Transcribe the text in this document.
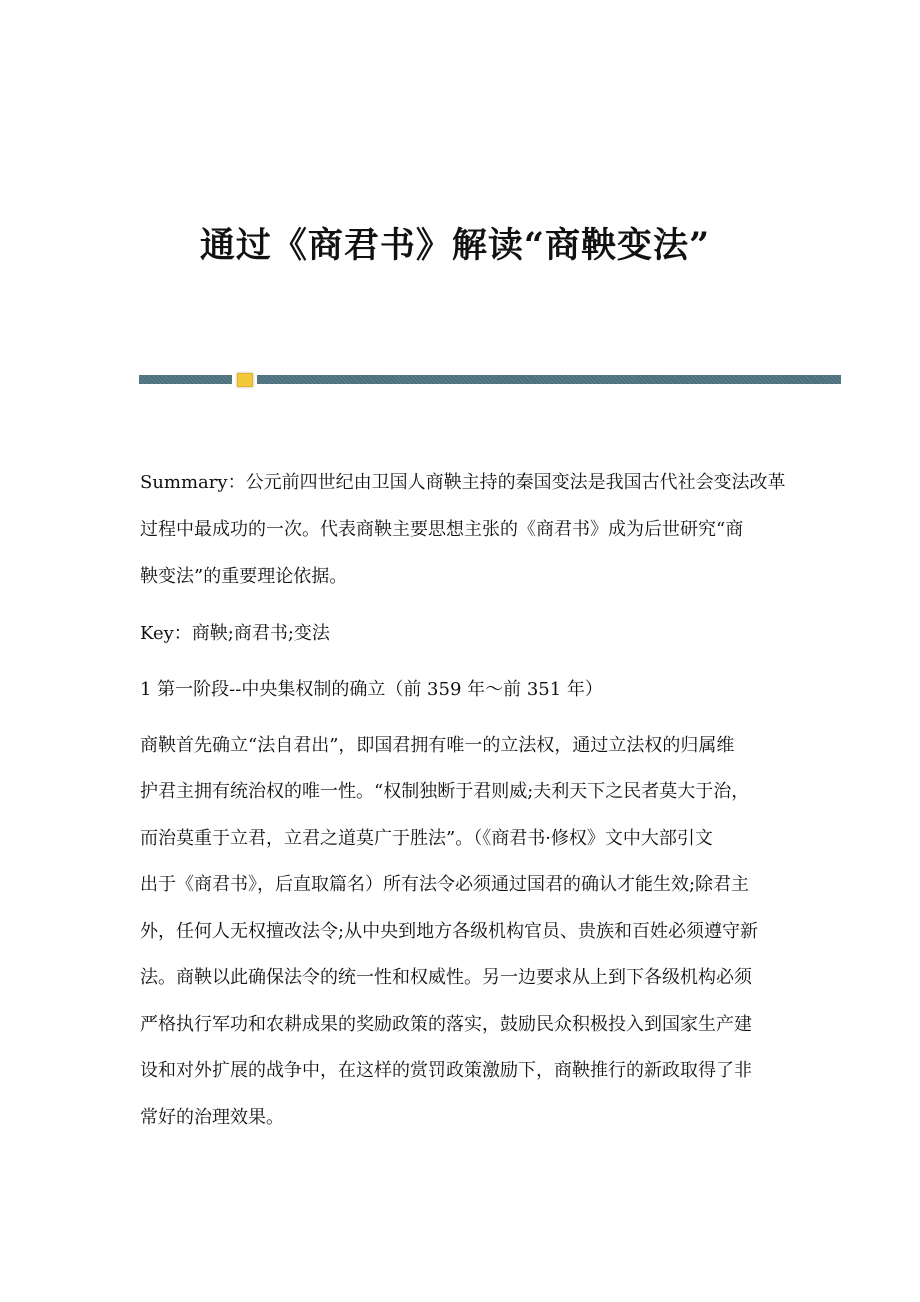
通过《商君书》解读“商鞅变法”
Summary：公元前四世纪由卫国人商鞅主持的秦国变法是我国古代社会变法改革
过程中最成功的一次。代表商鞅主要思想主张的《商君书》成为后世研究“商
鞅变法”的重要理论依据。
Key：商鞅;商君书;变法
1 第一阶段--中央集权制的确立（前 359 年～前 351 年）
商鞅首先确立“法自君出”，即国君拥有唯一的立法权，通过立法权的归属维
护君主拥有统治权的唯一性。“权制独断于君则威;夫利天下之民者莫大于治，
而治莫重于立君，立君之道莫广于胜法”。（《商君书·修权》文中大部引文
出于《商君书》，后直取篇名）所有法令必须通过国君的确认才能生效;除君主
外，任何人无权擅改法令;从中央到地方各级机构官员、贵族和百姓必须遵守新
法。商鞅以此确保法令的统一性和权威性。另一边要求从上到下各级机构必须
严格执行军功和农耕成果的奖励政策的落实，鼓励民众积极投入到国家生产建
设和对外扩展的战争中，在这样的赏罚政策激励下，商鞅推行的新政取得了非
常好的治理效果。
